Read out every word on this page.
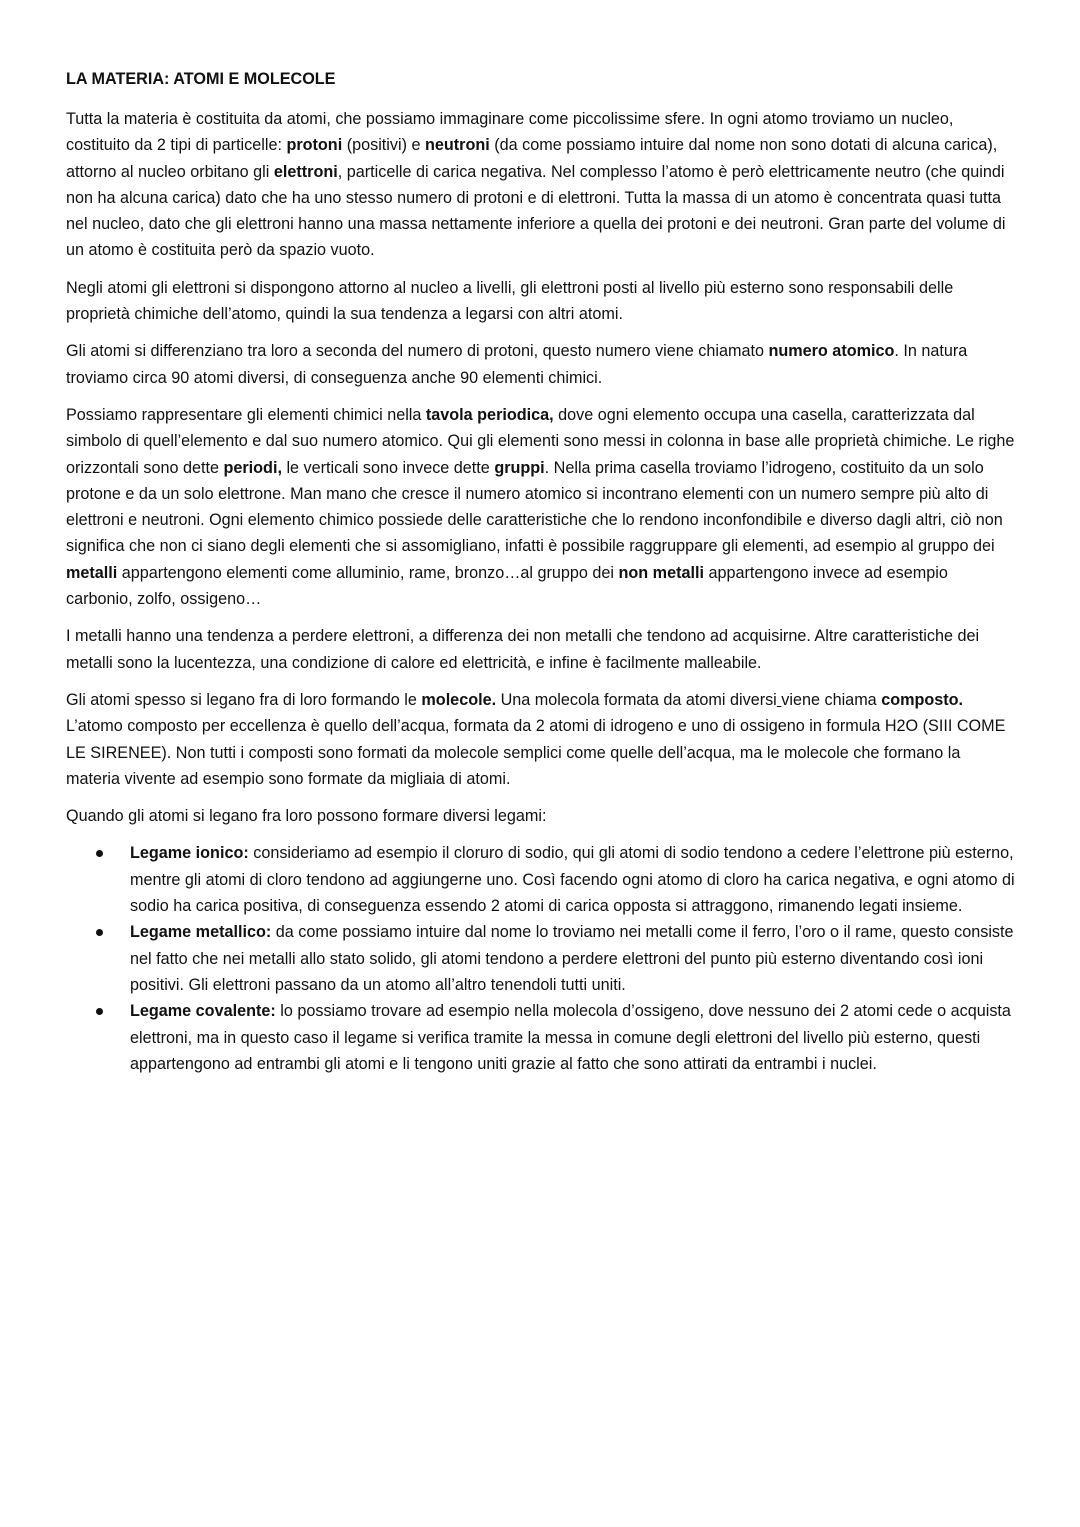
LA MATERIA: ATOMI E MOLECOLE

Tutta la materia è costituita da atomi, che possiamo immaginare come piccolissime sfere. In ogni atomo troviamo un nucleo, costituito da 2 tipi di particelle: protoni (positivi) e neutroni (da come possiamo intuire dal nome non sono dotati di alcuna carica), attorno al nucleo orbitano gli elettroni, particelle di carica negativa. Nel complesso l’atomo è però elettricamente neutro (che quindi non ha alcuna carica) dato che ha uno stesso numero di protoni e di elettroni. Tutta la massa di un atomo è concentrata quasi tutta nel nucleo, dato che gli elettroni hanno una massa nettamente inferiore a quella dei protoni e dei neutroni. Gran parte del volume di un atomo è costituita però da spazio vuoto.

Negli atomi gli elettroni si dispongono attorno al nucleo a livelli, gli elettroni posti al livello più esterno sono responsabili delle proprietà chimiche dell’atomo, quindi la sua tendenza a legarsi con altri atomi.

Gli atomi si differenziano tra loro a seconda del numero di protoni, questo numero viene chiamato numero atomico. In natura troviamo circa 90 atomi diversi, di conseguenza anche 90 elementi chimici.

Possiamo rappresentare gli elementi chimici nella tavola periodica, dove ogni elemento occupa una casella, caratterizzata dal simbolo di quell’elemento e dal suo numero atomico. Qui gli elementi sono messi in colonna in base alle proprietà chimiche. Le righe orizzontali sono dette periodi, le verticali sono invece dette gruppi. Nella prima casella troviamo l’idrogeno, costituito da un solo protone e da un solo elettrone. Man mano che cresce il numero atomico si incontrano elementi con un numero sempre più alto di elettroni e neutroni. Ogni elemento chimico possiede delle caratteristiche che lo rendono inconfondibile e diverso dagli altri, ciò non significa che non ci siano degli elementi che si assomigliano, infatti è possibile raggruppare gli elementi, ad esempio al gruppo dei metalli appartengono elementi come alluminio, rame, bronzo…al gruppo dei non metalli appartengono invece ad esempio carbonio, zolfo, ossigeno…

I metalli hanno una tendenza a perdere elettroni, a differenza dei non metalli che tendono ad acquisirne. Altre caratteristiche dei metalli sono la lucentezza, una condizione di calore ed elettricità, e infine è facilmente malleabile.

Gli atomi spesso si legano fra di loro formando le molecole. Una molecola formata da atomi diversi viene chiama composto. L’atomo composto per eccellenza è quello dell’acqua, formata da 2 atomi di idrogeno e uno di ossigeno in formula H2O (SIII COME LE SIRENEE). Non tutti i composti sono formati da molecole semplici come quelle dell’acqua, ma le molecole che formano la materia vivente ad esempio sono formate da migliaia di atomi.

Quando gli atomi si legano fra loro possono formare diversi legami:

Legame ionico: consideriamo ad esempio il cloruro di sodio, qui gli atomi di sodio tendono a cedere l’elettrone più esterno, mentre gli atomi di cloro tendono ad aggiungerne uno. Così facendo ogni atomo di cloro ha carica negativa, e ogni atomo di sodio ha carica positiva, di conseguenza essendo 2 atomi di carica opposta si attraggono, rimanendo legati insieme.
Legame metallico: da come possiamo intuire dal nome lo troviamo nei metalli come il ferro, l’oro o il rame, questo consiste nel fatto che nei metalli allo stato solido, gli atomi tendono a perdere elettroni del punto più esterno diventando così ioni positivi. Gli elettroni passano da un atomo all’altro tenendoli tutti uniti.
Legame covalente: lo possiamo trovare ad esempio nella molecola d’ossigeno, dove nessuno dei 2 atomi cede o acquista elettroni, ma in questo caso il legame si verifica tramite la messa in comune degli elettroni del livello più esterno, questi appartengono ad entrambi gli atomi e li tengono uniti grazie al fatto che sono attirati da entrambi i nuclei.
